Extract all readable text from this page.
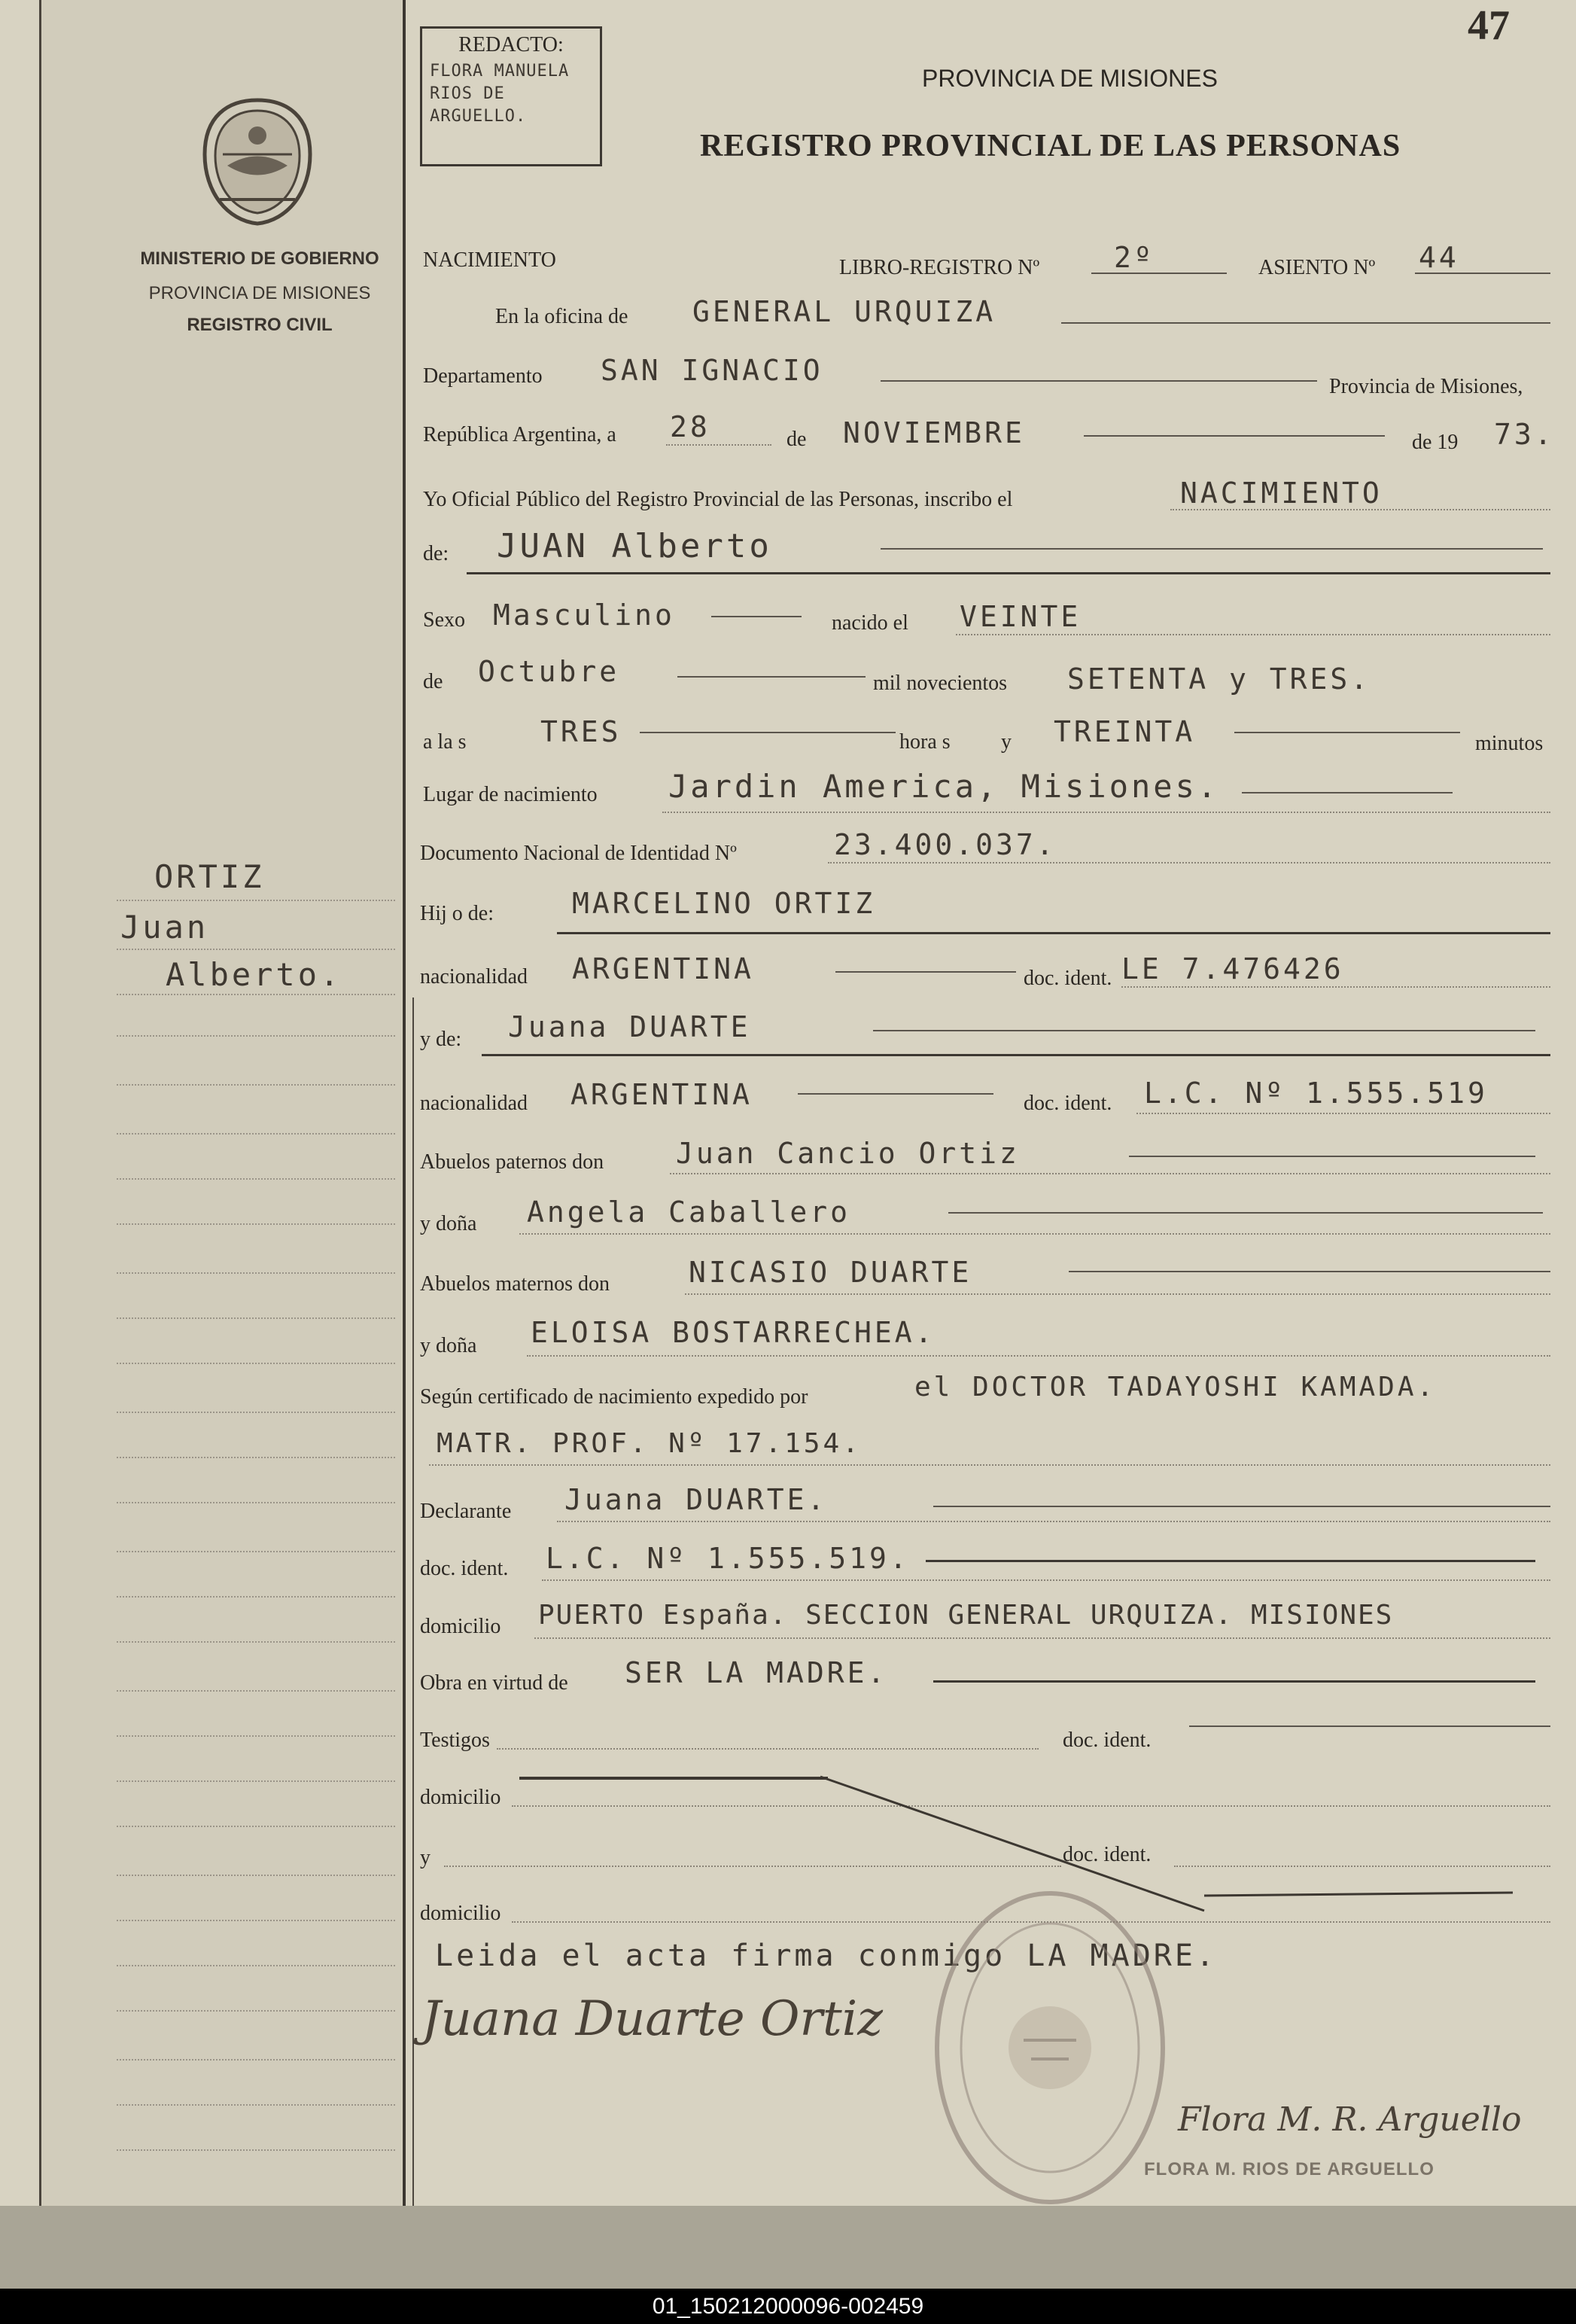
MINISTERIO DE GOBIERNO
PROVINCIA DE MISIONES
REGISTRO CIVIL
ORTIZ
Juan
Alberto.
REDACTO:
FLORA MANUELA RIOS DE ARGUELLO.
47
PROVINCIA DE MISIONES
REGISTRO PROVINCIAL DE LAS PERSONAS
NACIMIENTO	LIBRO-REGISTRO Nº	2º	ASIENTO Nº 44
En la oficina de GENERAL URQUIZA
Departamento SAN IGNACIO	Provincia de Misiones,
República Argentina, a 28	de NOVIEMBRE	de 19 73.
Yo Oficial Público del Registro Provincial de las Personas, inscribo el	NACIMIENTO
de: JUAN Alberto
Sexo Masculino	nacido el VEINTE
de Octubre	mil novecientos SETENTA y TRES.
a la s	TRES	hora s y TREINTA	minutos
Lugar de nacimiento Jardin America, Misiones.
Documento Nacional de Identidad Nº	23.400.037.
Hij o de:	MARCELINO ORTIZ
nacionalidad ARGENTINA	doc. ident. LE 7.476426
y de: Juana DUARTE
nacionalidad ARGENTINA	doc. ident. L.C. Nº 1.555.519
Abuelos paternos don	Juan Cancio Ortiz
y doña Angela Caballero
Abuelos maternos don	NICASIO DUARTE
y doña ELOISA BOSTARRECHEA.
Según certificado de nacimiento expedido por	el DOCTOR TADAYOSHI KAMADA.
MATR. PROF. Nº 17.154.
Declarante Juana DUARTE.
doc. ident. L.C. Nº 1.555.519.
domicilio PUERTO España. SECCION GENERAL URQUIZA. MISIONES
Obra en virtud de SER LA MADRE.
Testigos	doc. ident.
domicilio
y	doc. ident.
domicilio
Leida el acta firma conmigo LA MADRE.
Juana Duarte Ortiz
Flora M. R. Arguello
FLORA M. RIOS DE ARGUELLO
01_150212000096-002459
